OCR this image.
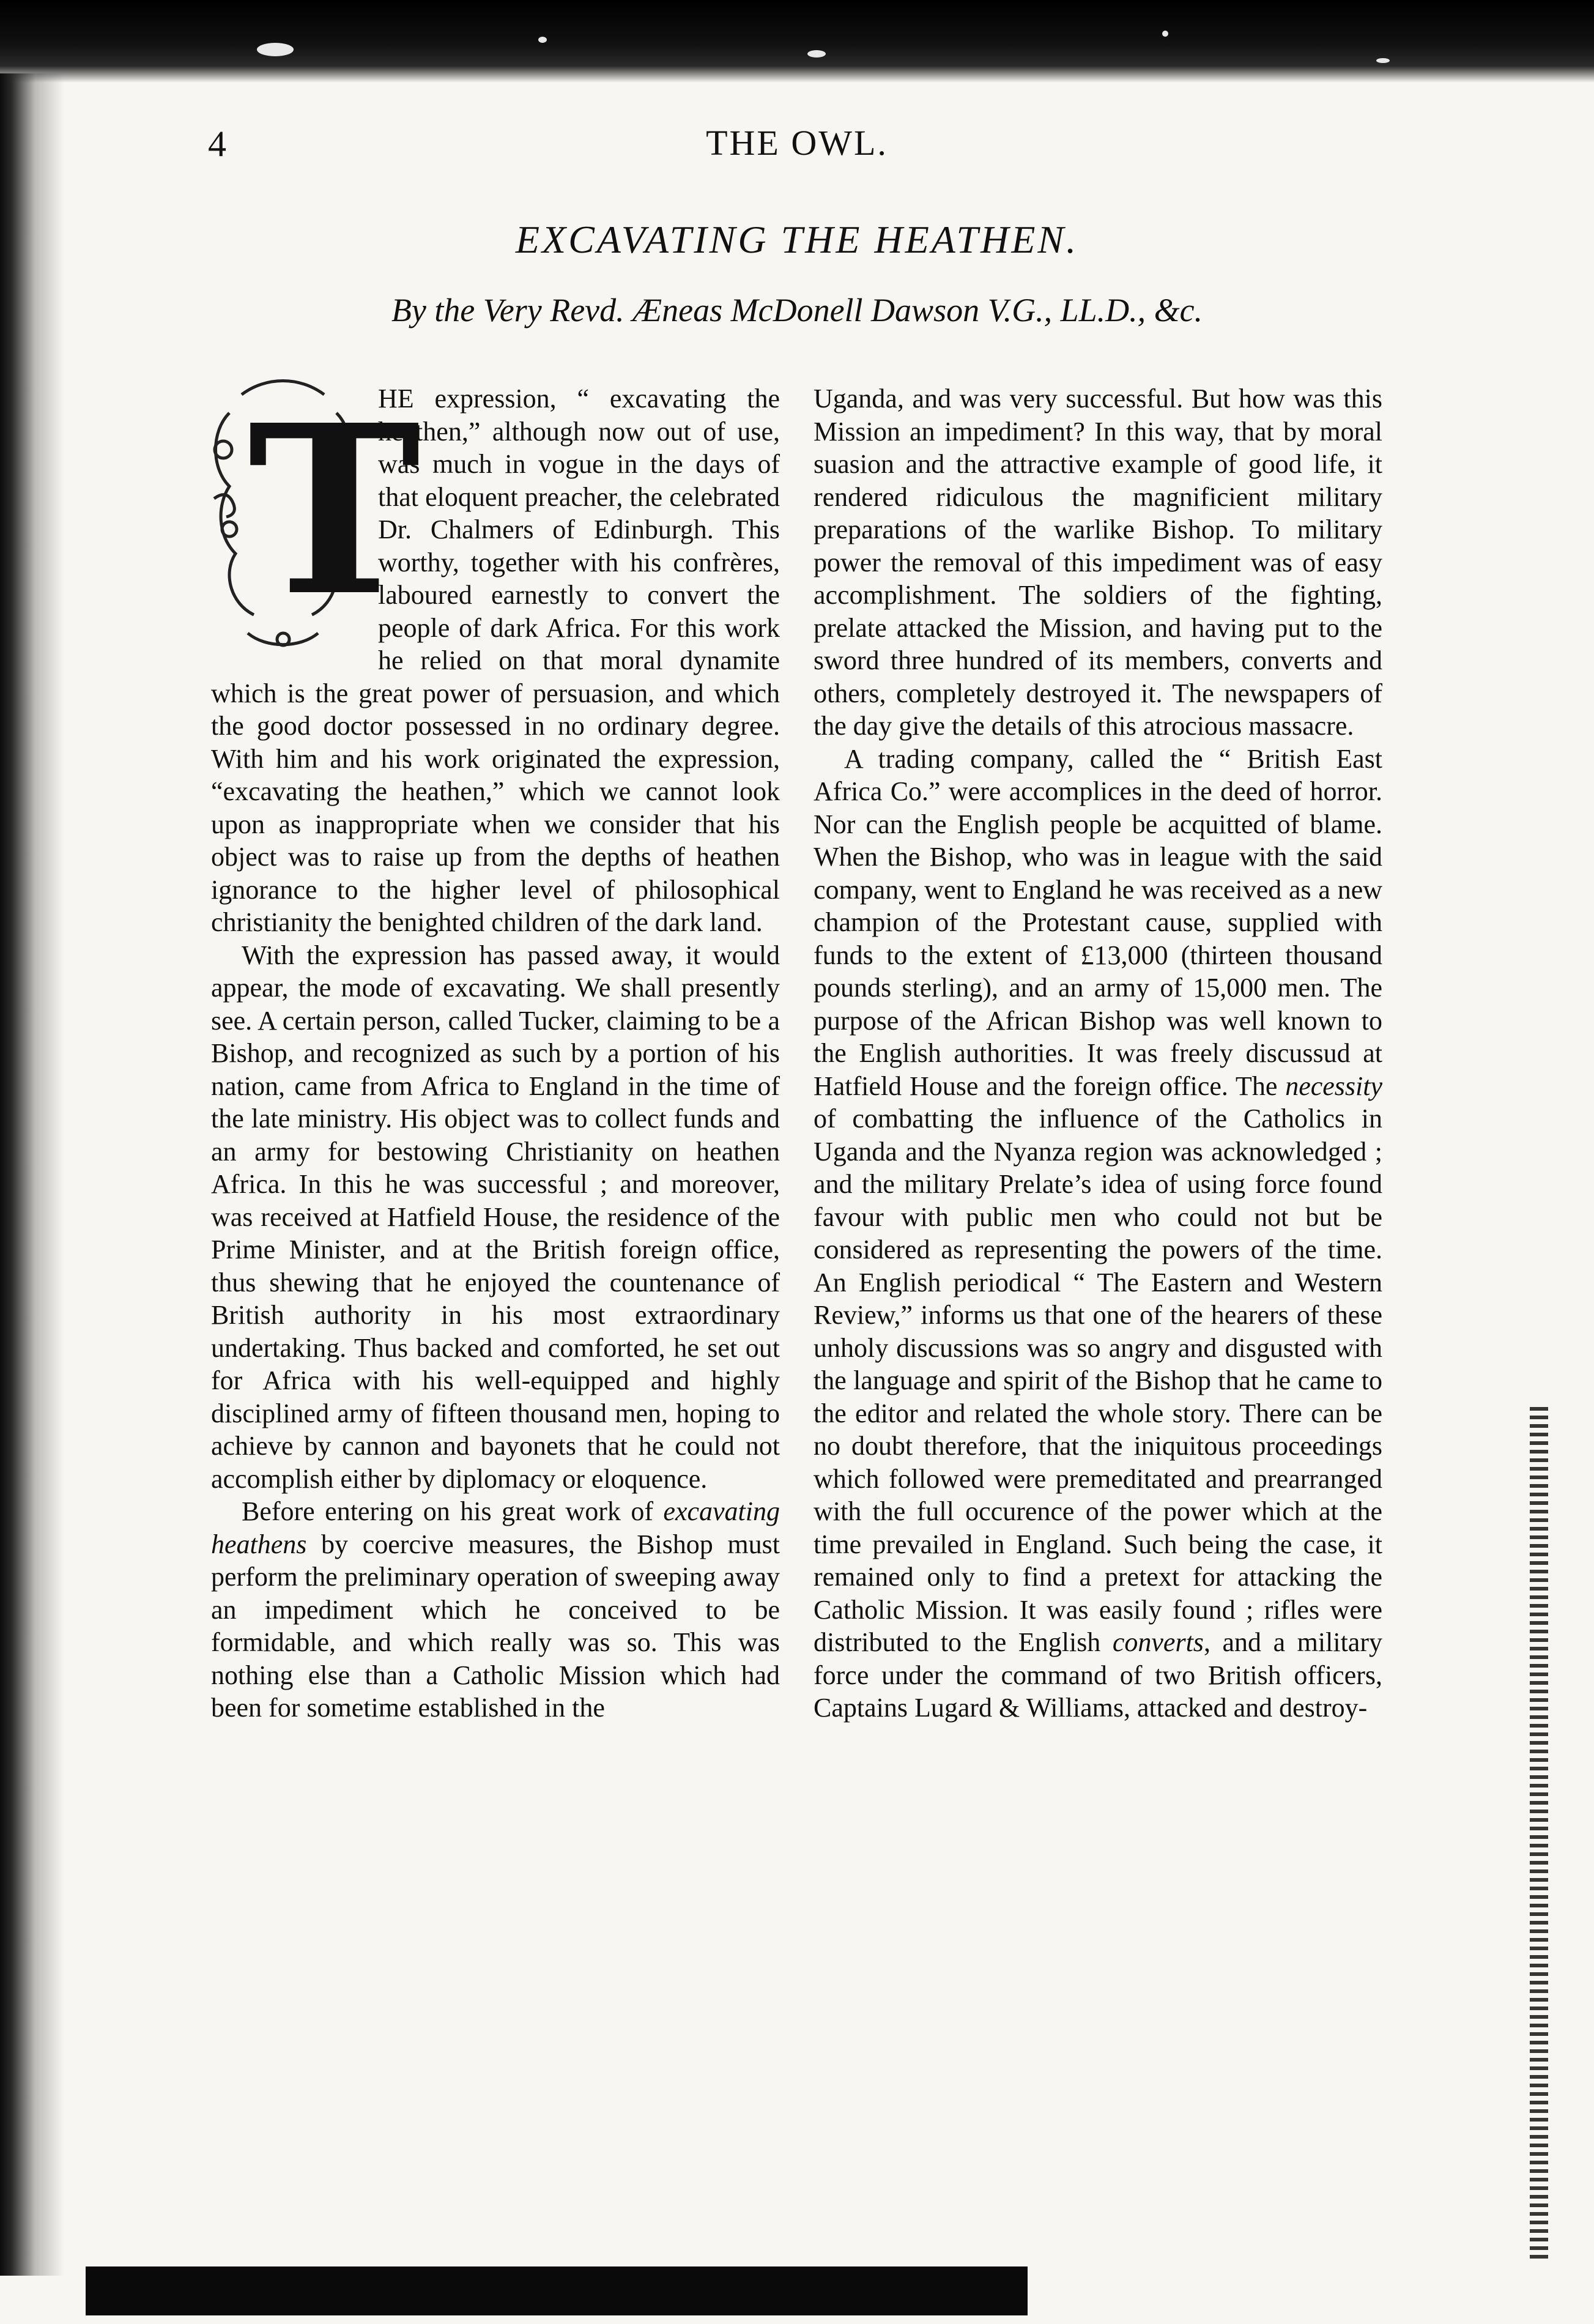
4	THE OWL.
EXCAVATING THE HEATHEN.
By the Very Revd. Æneas McDonell Dawson V.G., LL.D., &c.
T

HE expression, “ excavating the heathen,” although now out of use, was much in vogue in the days of that eloquent preacher, the celebrated Dr. Chalmers of Edinburgh. This worthy, together with his confrères, laboured earnestly to convert the people of dark Africa. For this work he relied on that moral dynamite which is the great power of persuasion, and which the good doctor possessed in no ordinary degree. With him and his work originated the expression, “excavating the heathen,” which we cannot look upon as inappropriate when we consider that his object was to raise up from the depths of heathen ignorance to the higher level of philosophical christianity the benighted children of the dark land.

With the expression has passed away, it would appear, the mode of excavating. We shall presently see. A certain person, called Tucker, claiming to be a Bishop, and recognized as such by a portion of his nation, came from Africa to England in the time of the late ministry. His object was to collect funds and an army for bestowing Christianity on heathen Africa. In this he was successful ; and moreover, was received at Hatfield House, the residence of the Prime Minister, and at the British foreign office, thus shewing that he enjoyed the countenance of British authority in his most extraordinary undertaking. Thus backed and comforted, he set out for Africa with his well-equipped and highly disciplined army of fifteen thousand men, hoping to achieve by cannon and bayonets that he could not accomplish either by diplomacy or eloquence.

Before entering on his great work of excavating heathens by coercive measures, the Bishop must perform the preliminary operation of sweeping away an impediment which he conceived to be formidable, and which really was so. This was nothing else than a Catholic Mission which had been for sometime established in the

Uganda, and was very successful. But how was this Mission an impediment? In this way, that by moral suasion and the attractive example of good life, it rendered ridiculous the magnificient military preparations of the warlike Bishop. To military power the removal of this impediment was of easy accomplishment. The soldiers of the fighting, prelate attacked the Mission, and having put to the sword three hundred of its members, converts and others, completely destroyed it. The newspapers of the day give the details of this atrocious massacre.

A trading company, called the “ British East Africa Co.” were accomplices in the deed of horror. Nor can the English people be acquitted of blame. When the Bishop, who was in league with the said company, went to England he was received as a new champion of the Protestant cause, supplied with funds to the extent of £13,000 (thirteen thousand pounds sterling), and an army of 15,000 men. The purpose of the African Bishop was well known to the English authorities. It was freely discussud at Hatfield House and the foreign office. The necessity of combatting the influence of the Catholics in Uganda and the Nyanza region was acknowledged ; and the military Prelate’s idea of using force found favour with public men who could not but be considered as representing the powers of the time. An English periodical “ The Eastern and Western Review,” informs us that one of the hearers of these unholy discussions was so angry and disgusted with the language and spirit of the Bishop that he came to the editor and related the whole story. There can be no doubt therefore, that the iniquitous proceedings which followed were premeditated and prearranged with the full occurence of the power which at the time prevailed in England. Such being the case, it remained only to find a pretext for attacking the Catholic Mission. It was easily found ; rifles were distributed to the English converts, and a military force under the command of two British officers, Captains Lugard & Williams, attacked and destroy-
